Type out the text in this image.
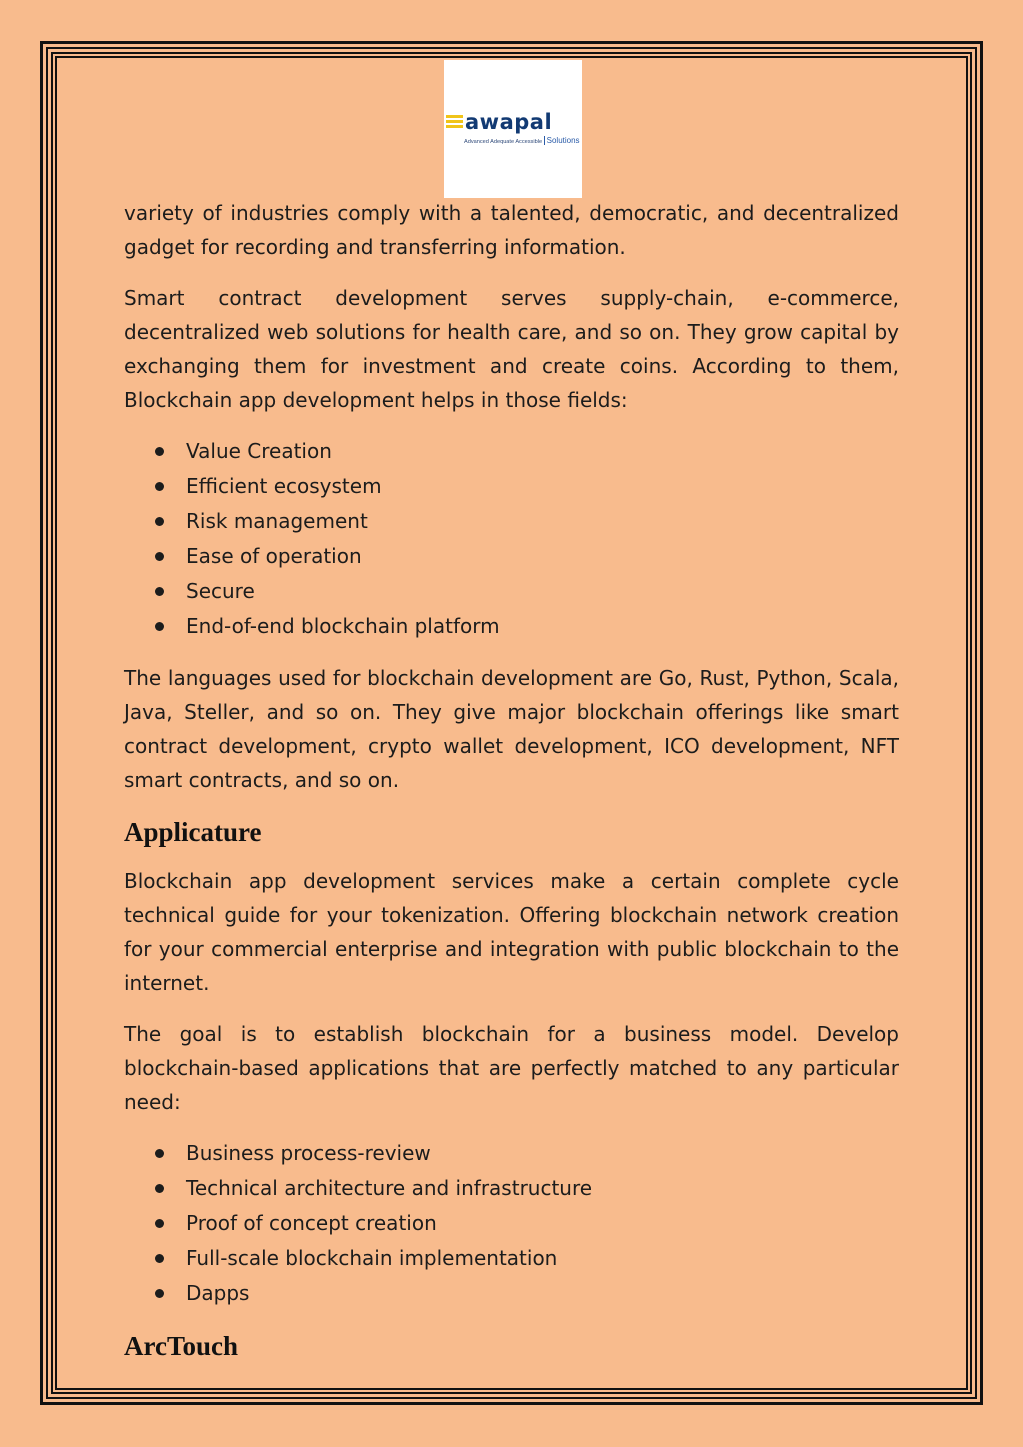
awapal
Advanced Adequate Accessible Solutions

variety of industries comply with a talented, democratic, and decentralized gadget for recording and transferring information.

Smart contract development serves supply-chain, e-commerce, decentralized web solutions for health care, and so on. They grow capital by exchanging them for investment and create coins. According to them, Blockchain app development helps in those fields:

Value Creation
Efficient ecosystem
Risk management
Ease of operation
Secure
End-of-end blockchain platform

The languages used for blockchain development are Go, Rust, Python, Scala, Java, Steller, and so on. They give major blockchain offerings like smart contract development, crypto wallet development, ICO development, NFT smart contracts, and so on.

Applicature

Blockchain app development services make a certain complete cycle technical guide for your tokenization. Offering blockchain network creation for your commercial enterprise and integration with public blockchain to the internet.

The goal is to establish blockchain for a business model. Develop blockchain-based applications that are perfectly matched to any particular need:

Business process-review
Technical architecture and infrastructure
Proof of concept creation
Full-scale blockchain implementation
Dapps
ArcTouch
